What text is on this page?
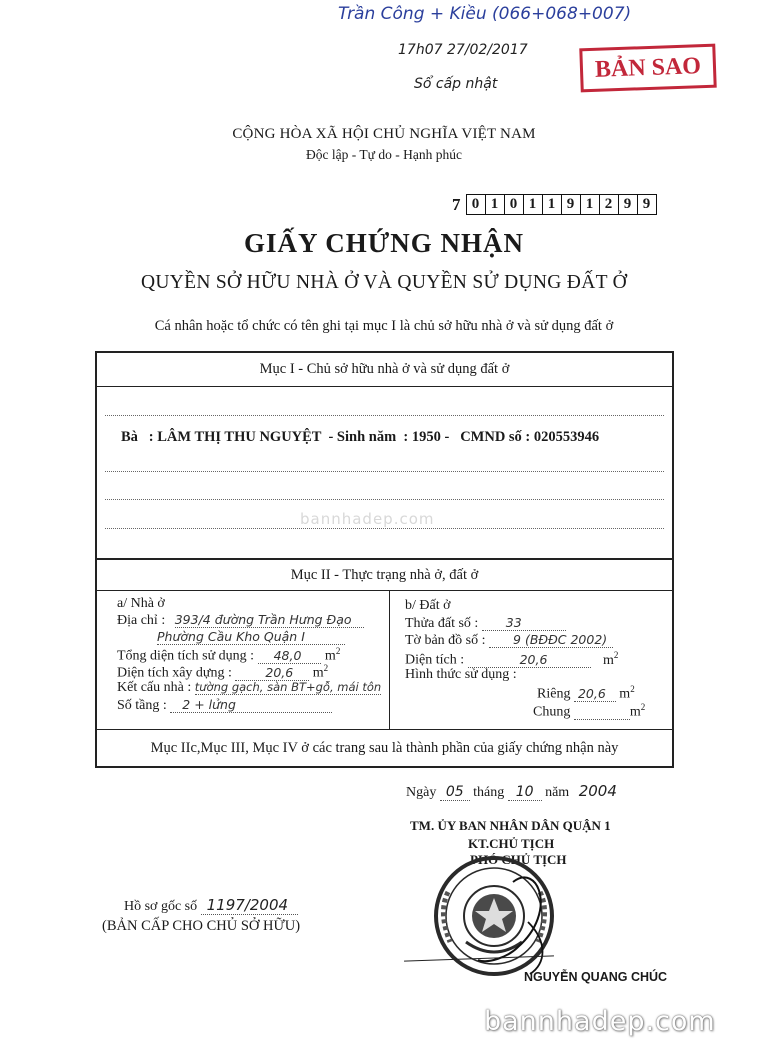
Trần Công + Kiều (066+068+007)
17h07 27/02/2017
Sổ cấp nhật
BẢN SAO
CỘNG HÒA XÃ HỘI CHỦ NGHĨA VIỆT NAM
Độc lập - Tự do - Hạnh phúc
7 0 1 0 1 1 9 1 2 9 9
GIẤY CHỨNG NHẬN
QUYỀN SỞ HỮU NHÀ Ở VÀ QUYỀN SỬ DỤNG ĐẤT Ở
Cá nhân hoặc tổ chức có tên ghi tại mục I là chủ sở hữu nhà ở và sử dụng đất ở
Mục I - Chủ sở hữu nhà ở và sử dụng đất ở
Bà   : LÂM THỊ THU NGUYỆT  - Sinh năm  : 1950 -   CMND số : 020553946
bannhadep.com
Mục II - Thực trạng nhà ở, đất ở
a/ Nhà ở
Địa chỉ : 393/4 đường Trần Hưng Đạo
Phường Cầu Kho Quận I
Tổng diện tích sử dụng : 48,0 $m^2$
Diện tích xây dựng :	20,6 $m^2$
Kết cấu nhà : tường gạch, sàn BT+gỗ, mái tôn
Số tầng : 2 + lửng
b/ Đất ở
Thửa đất số : 33
Tờ bản đồ số : 9 (BĐĐC 2002)
Diện tích :	20,6	$m^2$
Hình thức sử dụng :
Riêng 20,6 $m^2$
Chung	$m^2$
Mục IIc,Mục III, Mục IV ở các trang sau là thành phần của giấy chứng nhận này
Ngày 05 tháng 10 năm 2004
TM. ỦY BAN NHÂN DÂN QUẬN 1
KT.CHỦ TỊCH
PHÓ CHỦ TỊCH
Hồ sơ gốc số 1197/2004
(BẢN CẤP CHO CHỦ SỞ HỮU)
NGUYỄN QUANG CHÚC
bannhadep.com
